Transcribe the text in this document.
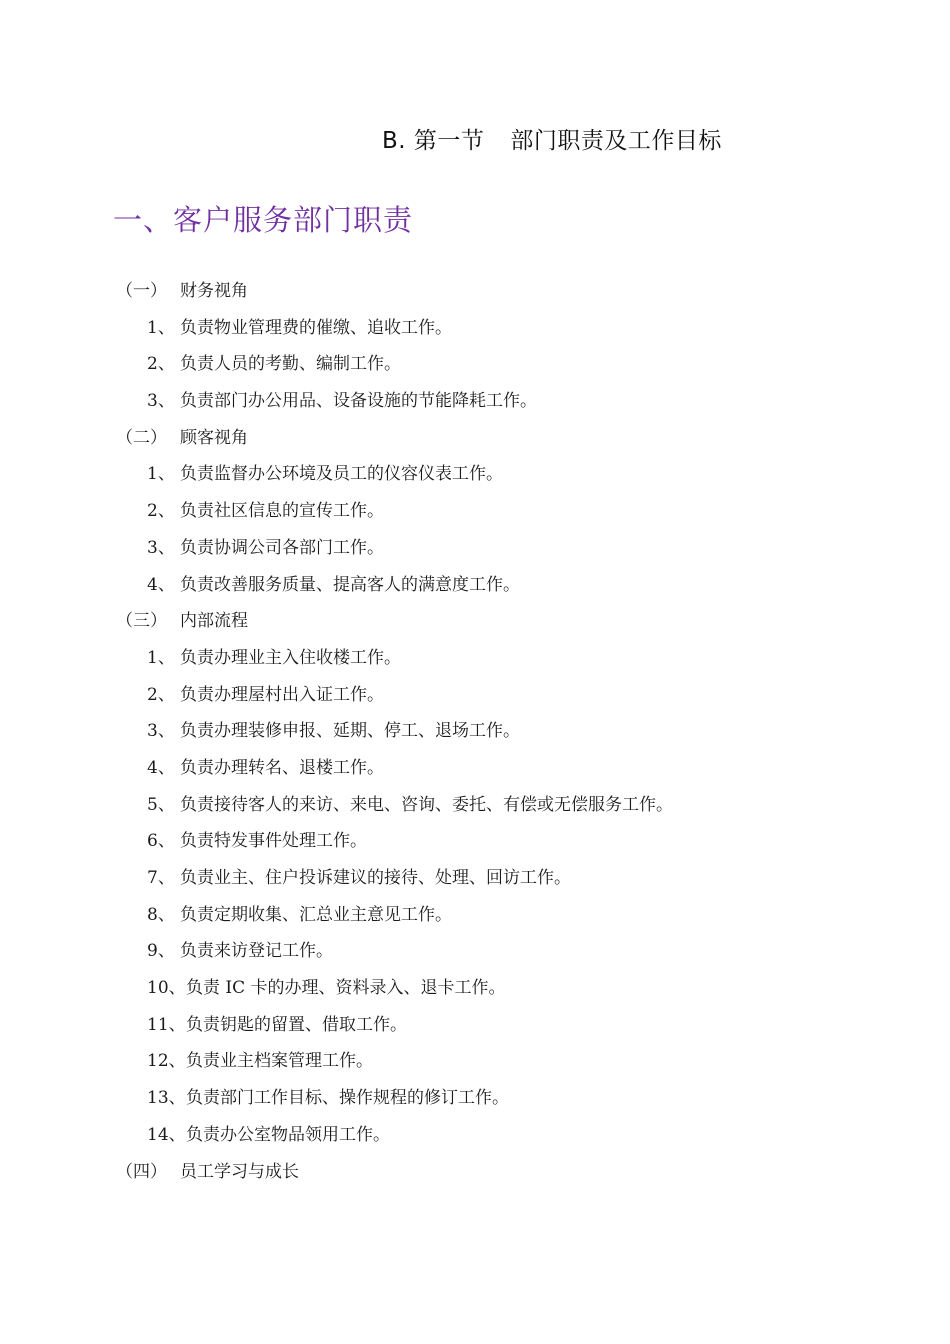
B. 第一节 部门职责及工作目标
一、客户服务部门职责
（一） 财务视角
1、 负责物业管理费的催缴、追收工作。
2、 负责人员的考勤、编制工作。
3、 负责部门办公用品、设备设施的节能降耗工作。
（二） 顾客视角
1、 负责监督办公环境及员工的仪容仪表工作。
2、 负责社区信息的宣传工作。
3、 负责协调公司各部门工作。
4、 负责改善服务质量、提高客人的满意度工作。
（三） 内部流程
1、 负责办理业主入住收楼工作。
2、 负责办理屋村出入证工作。
3、 负责办理装修申报、延期、停工、退场工作。
4、 负责办理转名、退楼工作。
5、 负责接待客人的来访、来电、咨询、委托、有偿或无偿服务工作。
6、 负责特发事件处理工作。
7、 负责业主、住户投诉建议的接待、处理、回访工作。
8、 负责定期收集、汇总业主意见工作。
9、 负责来访登记工作。
10、 负责 IC 卡的办理、资料录入、退卡工作。
11、 负责钥匙的留置、借取工作。
12、 负责业主档案管理工作。
13、 负责部门工作目标、操作规程的修订工作。
14、 负责办公室物品领用工作。
（四） 员工学习与成长
